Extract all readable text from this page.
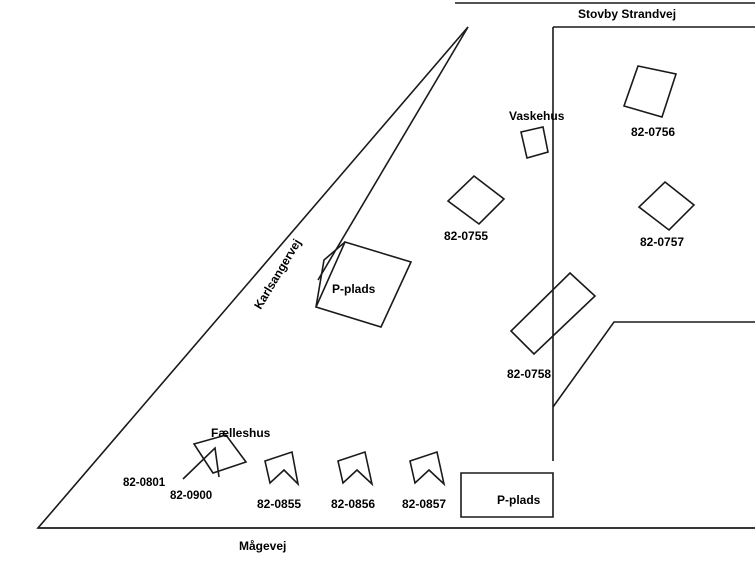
Stovby Strandvej
Karlsangervej
Mågevej
Vaskehus
82-0756
82-0755	82-0757
P-plads
82-0758
Fælleshus
82-0801
82-0900
82-0855 82-0856 82-0857	P-plads
